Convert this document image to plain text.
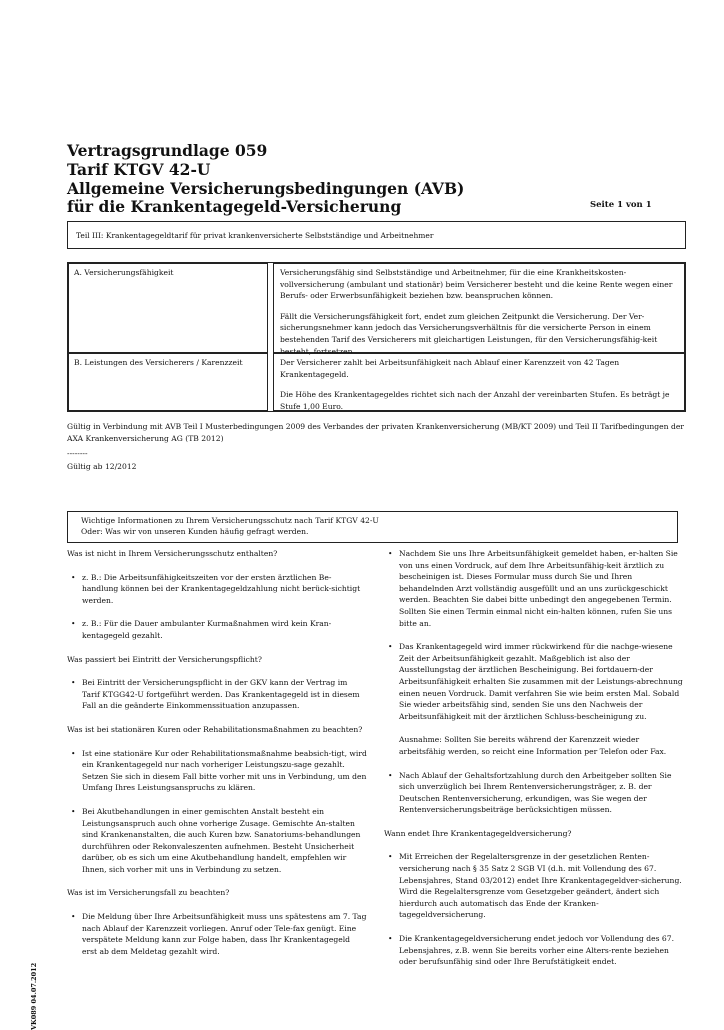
Vertragsgrundlage 059
Tarif KTGV 42-U
Allgemeine Versicherungsbedingungen (AVB)
für die Krankentagegeld-Versicherung	Seite 1 von 1
Teil III: Krankentagegeldtarif für privat krankenversicherte Selbstständige und Arbeitnehmer
A. Versicherungsfähigkeit	Versicherungsfähig sind Selbstständige und Arbeitnehmer, für die eine Krankheitskosten-vollversicherung (ambulant und stationär) beim Versicherer besteht und die keine Rente wegen einer Berufs- oder Erwerbsunfähigkeit beziehen bzw. beanspruchen können.

Fällt die Versicherungsfähigkeit fort, endet zum gleichen Zeitpunkt die Versicherung. Der Ver-sicherungsnehmer kann jedoch das Versicherungsverhältnis für die versicherte Person in einem bestehenden Tarif des Versicherers mit gleichartigen Leistungen, für den Versicherungsfähig-keit besteht, fortsetzen.

B. Leistungen des Versicherers / Karenzzeit	Der Versicherer zahlt bei Arbeitsunfähigkeit nach Ablauf einer Karenzzeit von 42 Tagen Krankentagegeld.

Die Höhe des Krankentagegeldes richtet sich nach der Anzahl der vereinbarten Stufen. Es beträgt je Stufe 1,00 Euro.

Gültig in Verbindung mit AVB Teil I Musterbedingungen 2009 des Verbandes der privaten Krankenversicherung (MB/KT 2009) und Teil II Tarifbedingungen der AXA Krankenversicherung AG (TB 2012)
--------
Gültig ab 12/2012
Wichtige Informationen zu Ihrem Versicherungsschutz nach Tarif KTGV 42-U
Oder: Was wir von unseren Kunden häufig gefragt werden.

Was ist nicht in Ihrem Versicherungsschutz enthalten?

• z. B.: Die Arbeitsunfähigkeitszeiten vor der ersten ärztlichen Be-handlung können bei der Krankentagegeldzahlung nicht berück-sichtigt werden.
• z. B.: Für die Dauer ambulanter Kurmaßnahmen wird kein Kran-kentagegeld gezahlt.

Was passiert bei Eintritt der Versicherungspflicht?

• Bei Eintritt der Versicherungspflicht in der GKV kann der Vertrag im Tarif KTGG42-U fortgeführt werden. Das Krankentagegeld ist in diesem Fall an die geänderte Einkommenssituation anzupassen.

Was ist bei stationären Kuren oder Rehabilitationsmaßnahmen zu beachten?

• Ist eine stationäre Kur oder Rehabilitationsmaßnahme beabsich-tigt, wird ein Krankentagegeld nur nach vorheriger Leistungszu-sage gezahlt. Setzen Sie sich in diesem Fall bitte vorher mit uns in Verbindung, um den Umfang Ihres Leistungsanspruchs zu klären.
• Bei Akutbehandlungen in einer gemischten Anstalt besteht ein Leistungsanspruch auch ohne vorherige Zusage. Gemischte An-stalten sind Krankenanstalten, die auch Kuren bzw. Sanatoriums-behandlungen durchführen oder Rekonvaleszenten aufnehmen. Besteht Unsicherheit darüber, ob es sich um eine Akutbehandlung handelt, empfehlen wir Ihnen, sich vorher mit uns in Verbindung zu setzen.

Was ist im Versicherungsfall zu beachten?

• Die Meldung über Ihre Arbeitsunfähigkeit muss uns spätestens am 7. Tag nach Ablauf der Karenzzeit vorliegen. Anruf oder Tele-fax genügt. Eine verspätete Meldung kann zur Folge haben, dass Ihr Krankentagegeld erst ab dem Meldetag gezahlt wird.
• Nachdem Sie uns Ihre Arbeitsunfähigkeit gemeldet haben, er-halten Sie von uns einen Vordruck, auf dem Ihre Arbeitsunfähig-keit ärztlich zu bescheinigen ist. Dieses Formular muss durch Sie und Ihren behandelnden Arzt vollständig ausgefüllt und an uns zurückgeschickt werden. Beachten Sie dabei bitte unbedingt den angegebenen Termin. Sollten Sie einen Termin einmal nicht ein-halten können, rufen Sie uns bitte an.
• Das Krankentagegeld wird immer rückwirkend für die nachge-wiesene Zeit der Arbeitsunfähigkeit gezahlt. Maßgeblich ist also der Ausstellungstag der ärztlichen Bescheinigung. Bei fortdauern-der Arbeitsunfähigkeit erhalten Sie zusammen mit der Leistungs-abrechnung einen neuen Vordruck. Damit verfahren Sie wie beim ersten Mal. Sobald Sie wieder arbeitsfähig sind, senden Sie uns den Nachweis der Arbeitsunfähigkeit mit der ärztlichen Schluss-bescheinigung zu.

Ausnahme: Sollten Sie bereits während der Karenzzeit wieder arbeitsfähig werden, so reicht eine Information per Telefon oder Fax.

• Nach Ablauf der Gehaltsfortzahlung durch den Arbeitgeber sollten Sie sich unverzüglich bei Ihrem Rentenversicherungsträger, z. B. der Deutschen Rentenversicherung, erkundigen, was Sie wegen der Rentenversicherungsbeiträge berücksichtigen müssen.

Wann endet Ihre Krankentagegeldversicherung?

• Mit Erreichen der Regelaltersgrenze in der gesetzlichen Renten-versicherung nach § 35 Satz 2 SGB VI (d.h. mit Vollendung des 67. Lebensjahres, Stand 03/2012) endet Ihre Krankentagegeldver-sicherung. Wird die Regelaltersgrenze vom Gesetzgeber geändert, ändert sich hierdurch auch automatisch das Ende der Kranken-tagegeldversicherung.
• Die Krankentagegeldversicherung endet jedoch vor Vollendung des 67. Lebensjahres, z.B. wenn Sie bereits vorher eine Alters-rente beziehen oder berufsunfähig sind oder Ihre Berufstätigkeit endet.
VK089 04.07.2012
